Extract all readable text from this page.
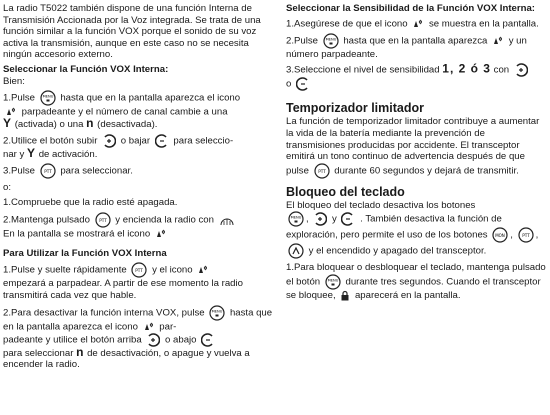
La radio T5022 también dispone de una función Interna de Transmisión Accionada por la Voz integrada. Se trata de una función similar a la función VOX porque el sonido de su voz activa la transmisión, aunque en este caso no se necesita ningún accesorio externo.

Seleccionar la Función VOX Interna:

Bien:

1.Pulse MENU hasta que en la pantalla aparezca el icono

parpadeante y el número de canal cambie a una
Y (activada) o una n (desactivada).

2.Utilice el botón subir o bajar para seleccio-
nar y Y de activación.

3.Pulse PTT para seleccionar.

o:

1.Compruebe que la radio esté apagada.

2.Mantenga pulsado PTT y encienda la radio con

En la pantalla se mostrará el icono

Para Utilizar la Función VOX Interna

1.Pulse y suelte rápidamente PTT y el icono

empezará a parpadear. A partir de ese momento la radio transmitirá cada vez que hable.

2.Para desactivar la función interna VOX, pulse MENU hasta que en la pantalla aparezca el icono par-
padeante y utilice el botón arriba o abajo

para seleccionar n de desactivación, o apague y vuelva a encender la radio.

Seleccionar la Sensibilidad de la Función VOX Interna:

1.Asegúrese de que el icono se muestra en la pantalla.

2.Pulse MENU hasta que en la pantalla aparezca y un número parpadeante.

3.Seleccione el nivel de sensibilidad 1, 2 ó 3 con

o

Temporizador limitador

La función de temporizador limitador contribuye a aumentar la vida de la batería mediante la prevención de transmisiones producidas por accidente. El transceptor emitirá un tono continuo de advertencia después de que pulse PTT durante 60 segundos y dejará de transmitir.

Bloqueo del teclado

El bloqueo del teclado desactiva los botones

MENU ,
y . También desactiva la función de exploración, pero permite el uso de los botones MON , PTT ,
y el encendido y apagado del transceptor.

1.Para bloquear o desbloquear el teclado, mantenga pulsado el botón MENU durante tres segundos. Cuando el transceptor se bloquee, aparecerá en la pantalla.
